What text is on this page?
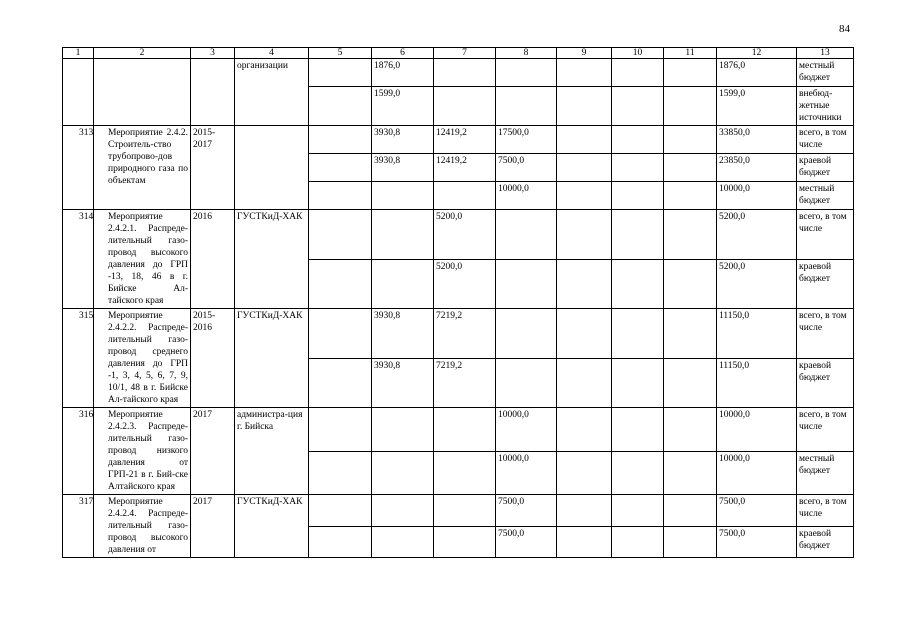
84
1	2	3	4	5	6	7	8	9	10	11	12	13
			организации		1876,0						1876,0	местный бюджет
					1599,0						1599,0	внебюд-жетные источники
313	Мероприятие 2.4.2. Строитель-ство трубопрово-дов природного газа по объектам	2015-2017			3930,8	12419,2	17500,0				33850,0	всего, в том числе
					3930,8	12419,2	7500,0				23850,0	краевой бюджет
							10000,0				10000,0	местный бюджет
314	Мероприятие 2.4.2.1. Распреде-лительный газо-провод высокого давления до ГРП -13, 18, 46 в г. Бийске Ал-тайского края	2016	ГУСТКиД-ХАК			5200,0					5200,0	всего, в том числе
						5200,0					5200,0	краевой бюджет
315	Мероприятие 2.4.2.2. Распреде-лительный газо-провод среднего давления до ГРП -1, 3, 4, 5, 6, 7, 9, 10/1, 48 в г. Бийске Ал-тайского края	2015-2016	ГУСТКиД-ХАК		3930,8	7219,2					11150,0	всего, в том числе
					3930,8	7219,2					11150,0	краевой бюджет
316	Мероприятие 2.4.2.3. Распреде-лительный газо-провод низкого давления от ГРП-21 в г. Бий-ске Алтайского края	2017	администра-ция г. Бийска				10000,0				10000,0	всего, в том числе
							10000,0				10000,0	местный бюджет
317	Мероприятие 2.4.2.4. Распреде-лительный газо-провод высокого давления от	2017	ГУСТКиД-ХАК				7500,0				7500,0	всего, в том числе
							7500,0				7500,0	краевой бюджет
